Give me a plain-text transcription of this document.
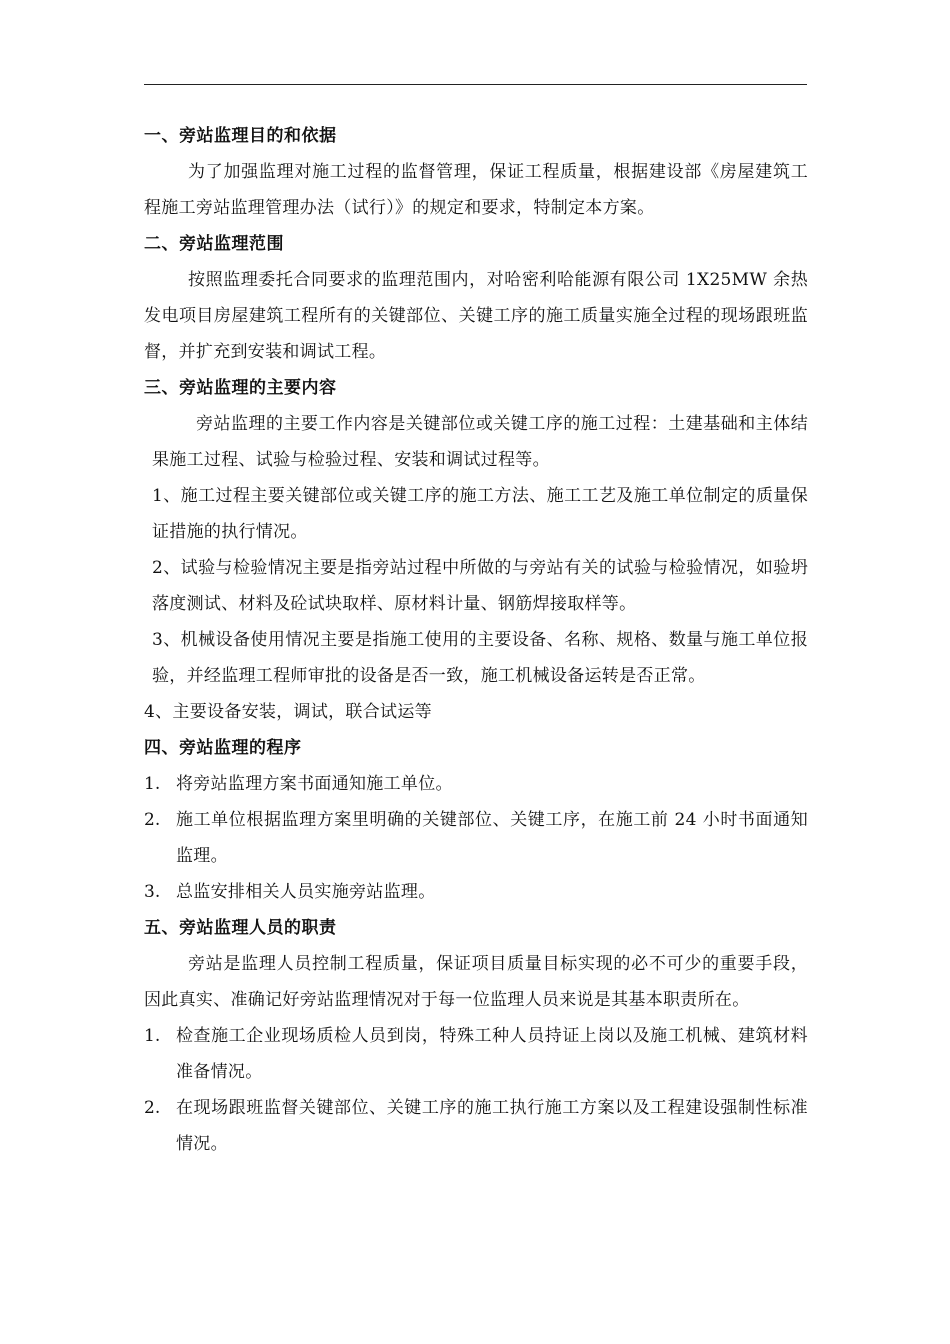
一、旁站监理目的和依据

为了加强监理对施工过程的监督管理，保证工程质量，根据建设部《房屋建筑工程施工旁站监理管理办法（试行）》的规定和要求，特制定本方案。

二、旁站监理范围

按照监理委托合同要求的监理范围内，对哈密利哈能源有限公司 1X25MW 余热发电项目房屋建筑工程所有的关键部位、关键工序的施工质量实施全过程的现场跟班监督，并扩充到安装和调试工程。

三、旁站监理的主要内容

旁站监理的主要工作内容是关键部位或关键工序的施工过程：土建基础和主体结果施工过程、试验与检验过程、安装和调试过程等。

1、施工过程主要关键部位或关键工序的施工方法、施工工艺及施工单位制定的质量保证措施的执行情况。

2、试验与检验情况主要是指旁站过程中所做的与旁站有关的试验与检验情况，如验坍落度测试、材料及砼试块取样、原材料计量、钢筋焊接取样等。

3、机械设备使用情况主要是指施工使用的主要设备、名称、规格、数量与施工单位报验，并经监理工程师审批的设备是否一致，施工机械设备运转是否正常。

4、主要设备安装，调试，联合试运等

四、旁站监理的程序

1. 将旁站监理方案书面通知施工单位。
2. 施工单位根据监理方案里明确的关键部位、关键工序，在施工前 24 小时书面通知监理。
3. 总监安排相关人员实施旁站监理。

五、旁站监理人员的职责

旁站是监理人员控制工程质量，保证项目质量目标实现的必不可少的重要手段，因此真实、准确记好旁站监理情况对于每一位监理人员来说是其基本职责所在。

1. 检查施工企业现场质检人员到岗，特殊工种人员持证上岗以及施工机械、建筑材料准备情况。
2. 在现场跟班监督关键部位、关键工序的施工执行施工方案以及工程建设强制性标准情况。
